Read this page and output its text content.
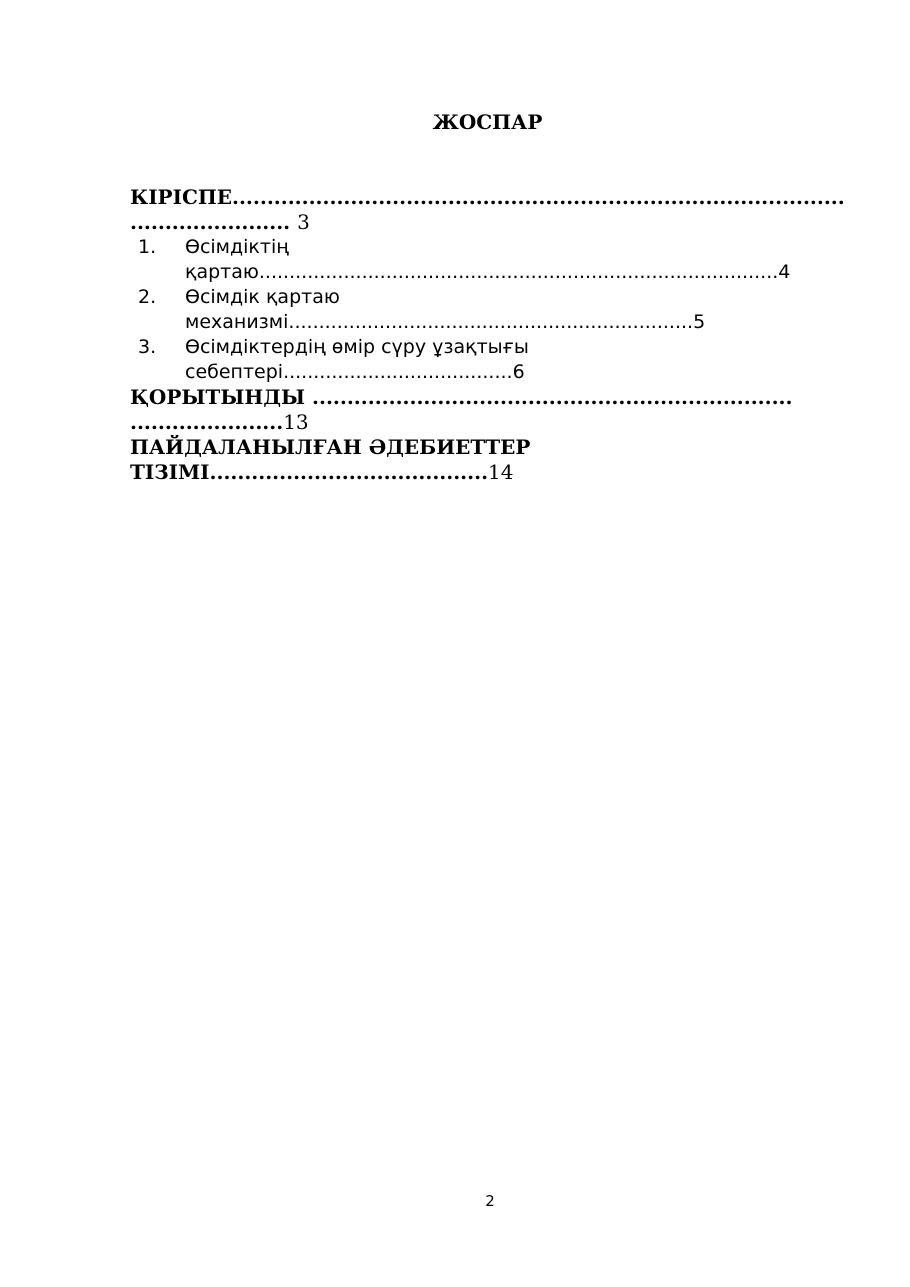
ЖОСПАР
КІРІСПЕ........................................................................................
....................... 3
1. Өсімдіктің
қартаю......................................................................................4
2. Өсімдік қартаю
механизмі...................................................................5
3. Өсімдіктердің өмір сүру ұзақтығы
себептері......................................6
ҚОРЫТЫНДЫ .....................................................................
......................13
ПАЙДАЛАНЫЛҒАН ӘДЕБИЕТТЕР
ТІЗІМІ........................................14
2
